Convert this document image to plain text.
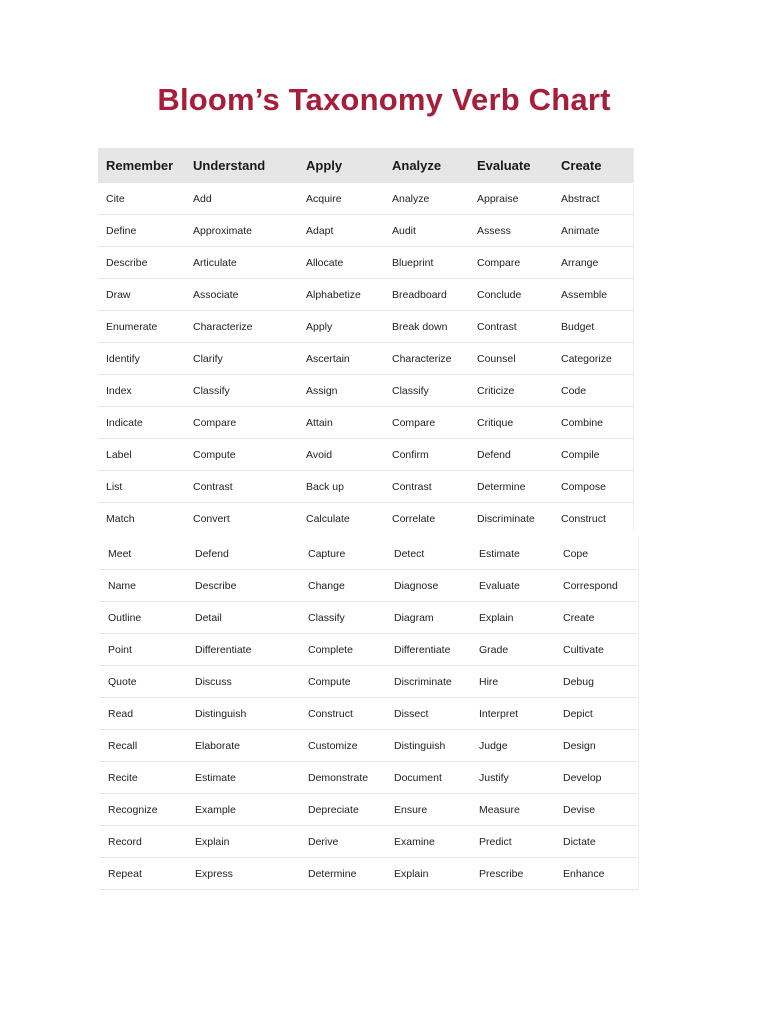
Bloom’s Taxonomy Verb Chart
Remember	Understand	Apply	Analyze	Evaluate	Create
Cite	Add	Acquire	Analyze	Appraise	Abstract
Define	Approximate	Adapt	Audit	Assess	Animate
Describe	Articulate	Allocate	Blueprint	Compare	Arrange
Draw	Associate	Alphabetize	Breadboard	Conclude	Assemble
Enumerate	Characterize	Apply	Break down	Contrast	Budget
Identify	Clarify	Ascertain	Characterize	Counsel	Categorize
Index	Classify	Assign	Classify	Criticize	Code
Indicate	Compare	Attain	Compare	Critique	Combine
Label	Compute	Avoid	Confirm	Defend	Compile
List	Contrast	Back up	Contrast	Determine	Compose
Match	Convert	Calculate	Correlate	Discriminate	Construct
Meet	Defend	Capture	Detect	Estimate	Cope
Name	Describe	Change	Diagnose	Evaluate	Correspond
Outline	Detail	Classify	Diagram	Explain	Create
Point	Differentiate	Complete	Differentiate	Grade	Cultivate
Quote	Discuss	Compute	Discriminate	Hire	Debug
Read	Distinguish	Construct	Dissect	Interpret	Depict
Recall	Elaborate	Customize	Distinguish	Judge	Design
Recite	Estimate	Demonstrate	Document	Justify	Develop
Recognize	Example	Depreciate	Ensure	Measure	Devise
Record	Explain	Derive	Examine	Predict	Dictate
Repeat	Express	Determine	Explain	Prescribe	Enhance
